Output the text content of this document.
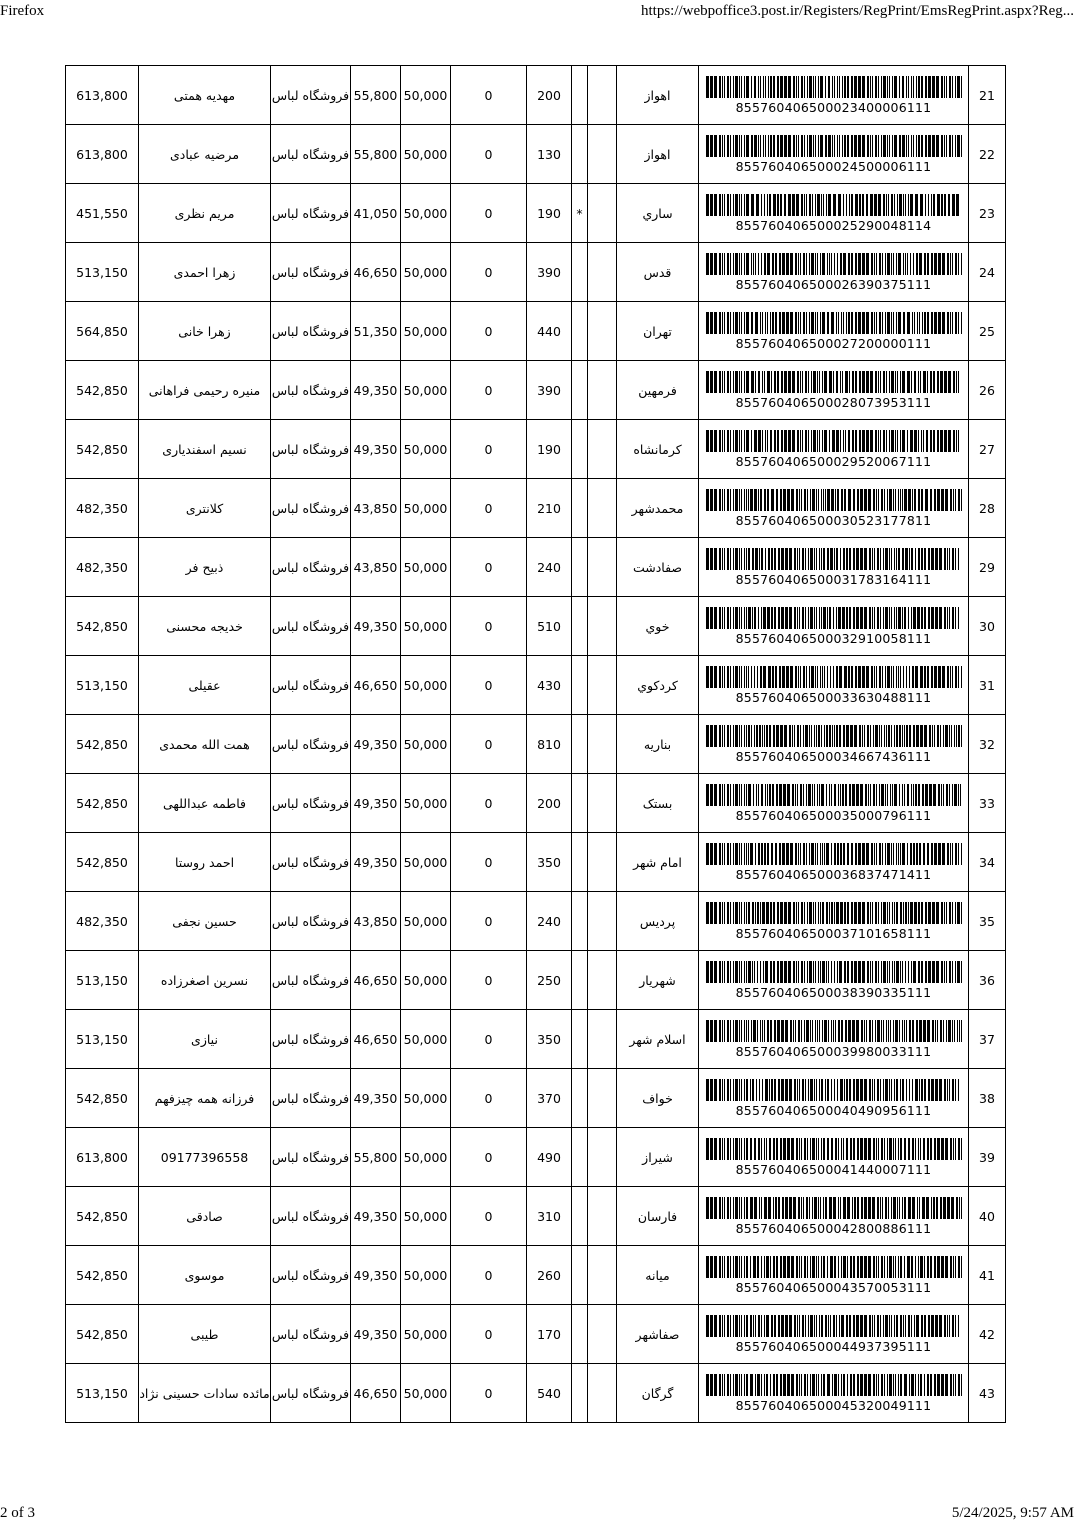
Firefox	https://webpoffice3.post.ir/Registers/RegPrint/EmsRegPrint.aspx?Reg...
613,800	مهدیه همتی	فروشگاه لباس	55,800	50,000	0	200			اهواز	855760406500023400006111	21
613,800	مرضیه عبادی	فروشگاه لباس	55,800	50,000	0	130			اهواز	855760406500024500006111	22
451,550	مریم نظری	فروشگاه لباس	41,050	50,000	0	190	*		ساري	855760406500025290048114	23
513,150	زهرا احمدی	فروشگاه لباس	46,650	50,000	0	390			قدس	855760406500026390375111	24
564,850	زهرا خانی	فروشگاه لباس	51,350	50,000	0	440			تهران	855760406500027200000111	25
542,850	منیره رحیمی فراهانی	فروشگاه لباس	49,350	50,000	0	390			فرمهين	855760406500028073953111	26
542,850	نسیم اسفندیاری	فروشگاه لباس	49,350	50,000	0	190			كرمانشاه	855760406500029520067111	27
482,350	کلانتری	فروشگاه لباس	43,850	50,000	0	210			محمدشهر	855760406500030523177811	28
482,350	ذبیح فر	فروشگاه لباس	43,850	50,000	0	240			صفادشت	855760406500031783164111	29
542,850	خدیجه محسنی	فروشگاه لباس	49,350	50,000	0	510			خوي	855760406500032910058111	30
513,150	عقیلی	فروشگاه لباس	46,650	50,000	0	430			كردكوي	855760406500033630488111	31
542,850	همت الله محمدی	فروشگاه لباس	49,350	50,000	0	810			بناريه	855760406500034667436111	32
542,850	فاطمه عبداللهی	فروشگاه لباس	49,350	50,000	0	200			بستک	855760406500035000796111	33
542,850	احمد روستا	فروشگاه لباس	49,350	50,000	0	350			امام شهر	855760406500036837471411	34
482,350	حسین نجفی	فروشگاه لباس	43,850	50,000	0	240			پرديس	855760406500037101658111	35
513,150	نسرین اصغرزاده	فروشگاه لباس	46,650	50,000	0	250			شهريار	855760406500038390335111	36
513,150	نیازی	فروشگاه لباس	46,650	50,000	0	350			اسلام شهر	855760406500039980033111	37
542,850	فرزانه همه چیزفهم	فروشگاه لباس	49,350	50,000	0	370			خواف	855760406500040490956111	38
613,800	09177396558	فروشگاه لباس	55,800	50,000	0	490			شيراز	855760406500041440007111	39
542,850	صادقی	فروشگاه لباس	49,350	50,000	0	310			فارسان	855760406500042800886111	40
542,850	موسوی	فروشگاه لباس	49,350	50,000	0	260			ميانه	855760406500043570053111	41
542,850	طیبی	فروشگاه لباس	49,350	50,000	0	170			صفاشهر	855760406500044937395111	42
513,150	مائده سادات حسینی نژاد	فروشگاه لباس	46,650	50,000	0	540			گرگان	855760406500045320049111	43
2 of 3	5/24/2025, 9:57 AM
